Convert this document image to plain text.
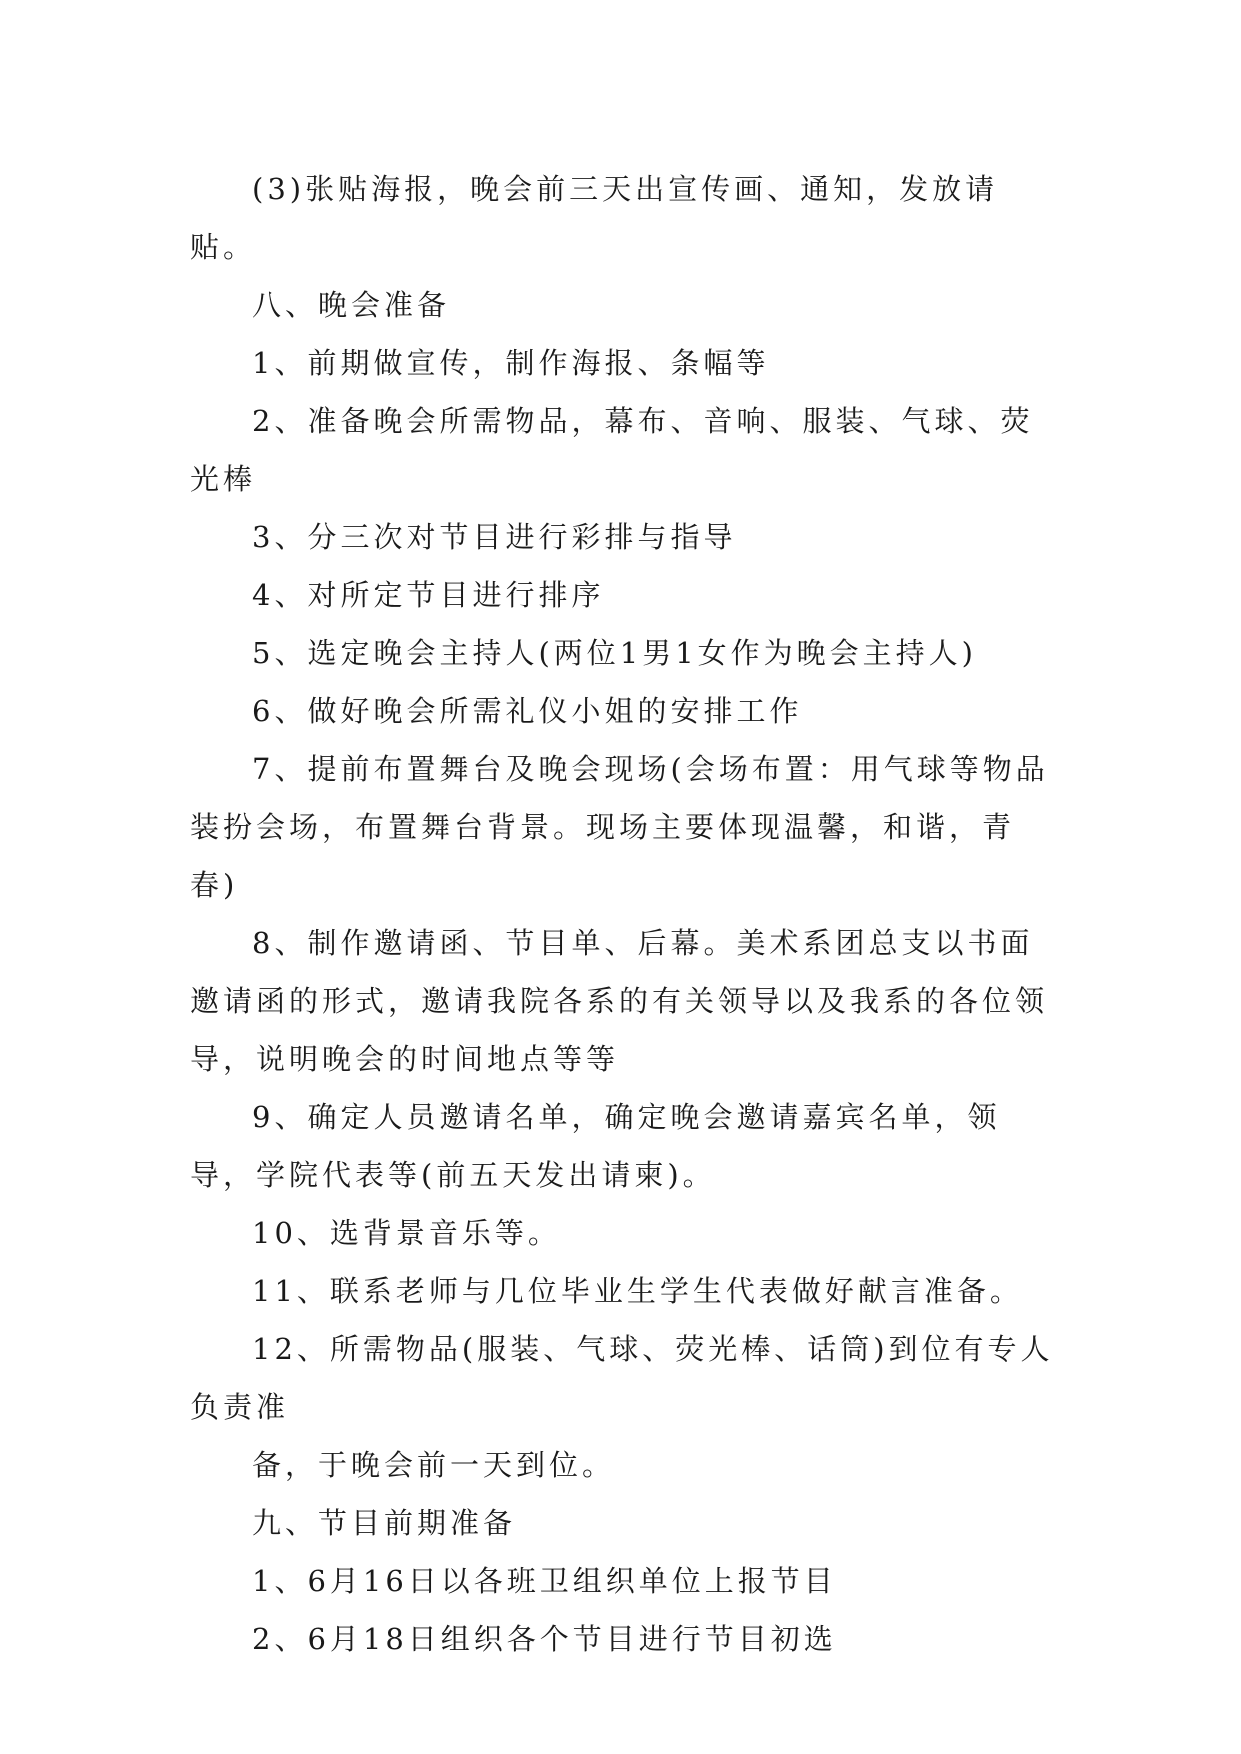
(3)张贴海报，晚会前三天出宣传画、通知，发放请贴。

八、晚会准备

1、前期做宣传，制作海报、条幅等

2、准备晚会所需物品，幕布、音响、服装、气球、荧光棒

3、分三次对节目进行彩排与指导

4、对所定节目进行排序

5、选定晚会主持人(两位1男1女作为晚会主持人)

6、做好晚会所需礼仪小姐的安排工作

7、提前布置舞台及晚会现场(会场布置：用气球等物品装扮会场，布置舞台背景。现场主要体现温馨，和谐，青春)

8、制作邀请函、节目单、后幕。美术系团总支以书面邀请函的形式，邀请我院各系的有关领导以及我系的各位领导，说明晚会的时间地点等等

9、确定人员邀请名单，确定晚会邀请嘉宾名单，领导，学院代表等(前五天发出请柬)。

10、选背景音乐等。

11、联系老师与几位毕业生学生代表做好献言准备。

12、所需物品(服装、气球、荧光棒、话筒)到位有专人负责准

备，于晚会前一天到位。

九、节目前期准备

1、6月16日以各班卫组织单位上报节目

2、6月18日组织各个节目进行节目初选
